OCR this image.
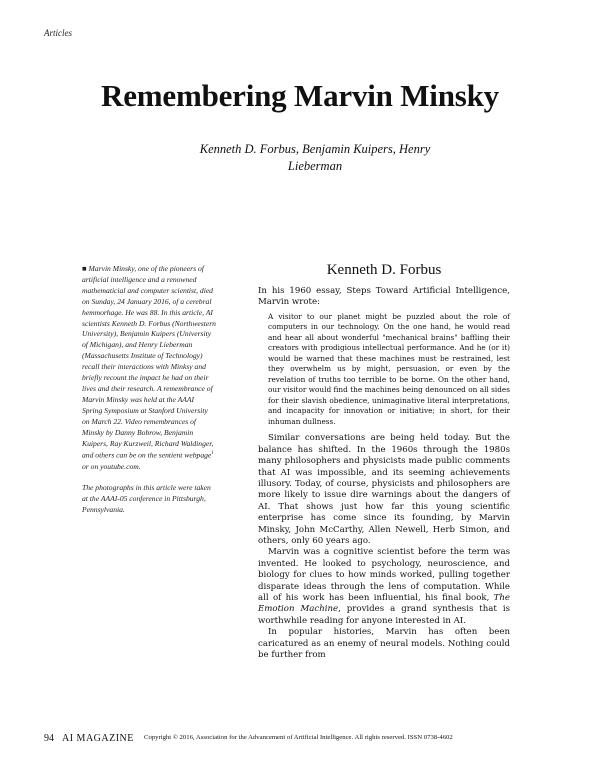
Articles
Remembering Marvin Minsky
Kenneth D. Forbus, Benjamin Kuipers, Henry Lieberman

■ Marvin Minsky, one of the pioneers of artificial intelligence and a renowned mathematicial and computer scientist, died on Sunday, 24 January 2016, of a cerebral hemmorhage. He was 88. In this article, AI scientists Kenneth D. Forbus (Northwestern University), Benjamin Kuipers (University of Michigan), and Henry Lieberman (Massachusetts Institute of Technology) recall their interactions with Minksy and briefly recount the impact he had on their lives and their research. A remembrance of Marvin Minsky was held at the AAAI Spring Symposium at Stanford University on March 22. Video remembrances of Minsky by Danny Bobrow, Benjamin Kuipers, Ray Kurzweil, Richard Waldinger, and others can be on the sentient webpage$^1$ or on youtube.com.

The photographs in this article were taken at the AAAI-05 conference in Pittsburgh, Pennsylvania.

Kenneth D. Forbus

In his 1960 essay, Steps Toward Artificial Intelligence, Marvin wrote:

A visitor to our planet might be puzzled about the role of computers in our technology. On the one hand, he would read and hear all about wonderful "mechanical brains" baffling their creators with prodigious intellectual performance. And he (or it) would be warned that these machines must be restrained, lest they overwhelm us by might, persuasion, or even by the revelation of truths too terrible to be borne. On the other hand, our visitor would find the machines being denounced on all sides for their slavish obedience, unimaginative literal interpretations, and incapacity for innovation or initiative; in short, for their inhuman dullness.

Similar conversations are being held today. But the balance has shifted. In the 1960s through the 1980s many philosophers and physicists made public comments that AI was impossible, and its seeming achievements illusory. Today, of course, physicists and philosophers are more likely to issue dire warnings about the dangers of AI. That shows just how far this young scientific enterprise has come since its founding, by Marvin Minsky, John McCarthy, Allen Newell, Herb Simon, and others, only 60 years ago.

Marvin was a cognitive scientist before the term was invented. He looked to psychology, neuroscience, and biology for clues to how minds worked, pulling together disparate ideas through the lens of computation. While all of his work has been influential, his final book, The Emotion Machine, provides a grand synthesis that is worthwhile reading for anyone interested in AI.

In popular histories, Marvin has often been caricatured as an enemy of neural models. Nothing could be further from

94 AI MAGAZINE Copyright © 2016, Association for the Advancement of Artificial Intelligence. All rights reserved. ISSN 0738-4602
